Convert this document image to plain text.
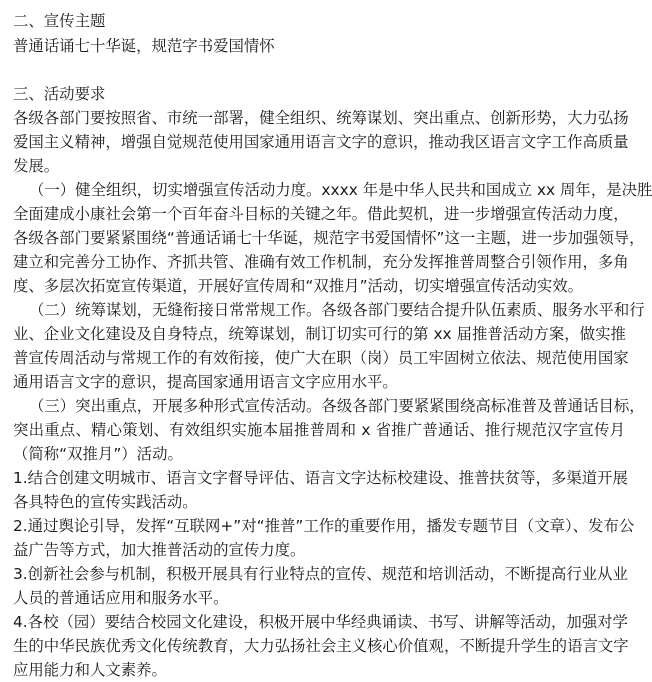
二、宣传主题
普通话诵七十华诞，规范字书爱国情怀
三、活动要求
各级各部门要按照省、市统一部署，健全组织、统筹谋划、突出重点、创新形势，大力弘扬
爱国主义精神，增强自觉规范使用国家通用语言文字的意识，推动我区语言文字工作高质量
发展。
（一）健全组织，切实增强宣传活动力度。xxxx 年是中华人民共和国成立 xx 周年，是决胜
全面建成小康社会第一个百年奋斗目标的关键之年。借此契机，进一步增强宣传活动力度，
各级各部门要紧紧围绕“普通话诵七十华诞，规范字书爱国情怀”这一主题，进一步加强领导，
建立和完善分工协作、齐抓共管、准确有效工作机制，充分发挥推普周整合引领作用，多角
度、多层次拓宽宣传渠道，开展好宣传周和“双推月”活动，切实增强宣传活动实效。
（二）统筹谋划，无缝衔接日常常规工作。各级各部门要结合提升队伍素质、服务水平和行
业、企业文化建设及自身特点，统筹谋划，制订切实可行的第 xx 届推普活动方案，做实推
普宣传周活动与常规工作的有效衔接，使广大在职（岗）员工牢固树立依法、规范使用国家
通用语言文字的意识，提高国家通用语言文字应用水平。
（三）突出重点，开展多种形式宣传活动。各级各部门要紧紧围绕高标准普及普通话目标，
突出重点、精心策划、有效组织实施本届推普周和 x 省推广普通话、推行规范汉字宣传月
（简称“双推月”）活动。
1.结合创建文明城市、语言文字督导评估、语言文字达标校建设、推普扶贫等，多渠道开展
各具特色的宣传实践活动。
2.通过舆论引导，发挥“互联网+”对“推普”工作的重要作用，播发专题节目（文章）、发布公
益广告等方式，加大推普活动的宣传力度。
3.创新社会参与机制，积极开展具有行业特点的宣传、规范和培训活动，不断提高行业从业
人员的普通话应用和服务水平。
4.各校（园）要结合校园文化建设，积极开展中华经典诵读、书写、讲解等活动，加强对学
生的中华民族优秀文化传统教育，大力弘扬社会主义核心价值观，不断提升学生的语言文字
应用能力和人文素养。
